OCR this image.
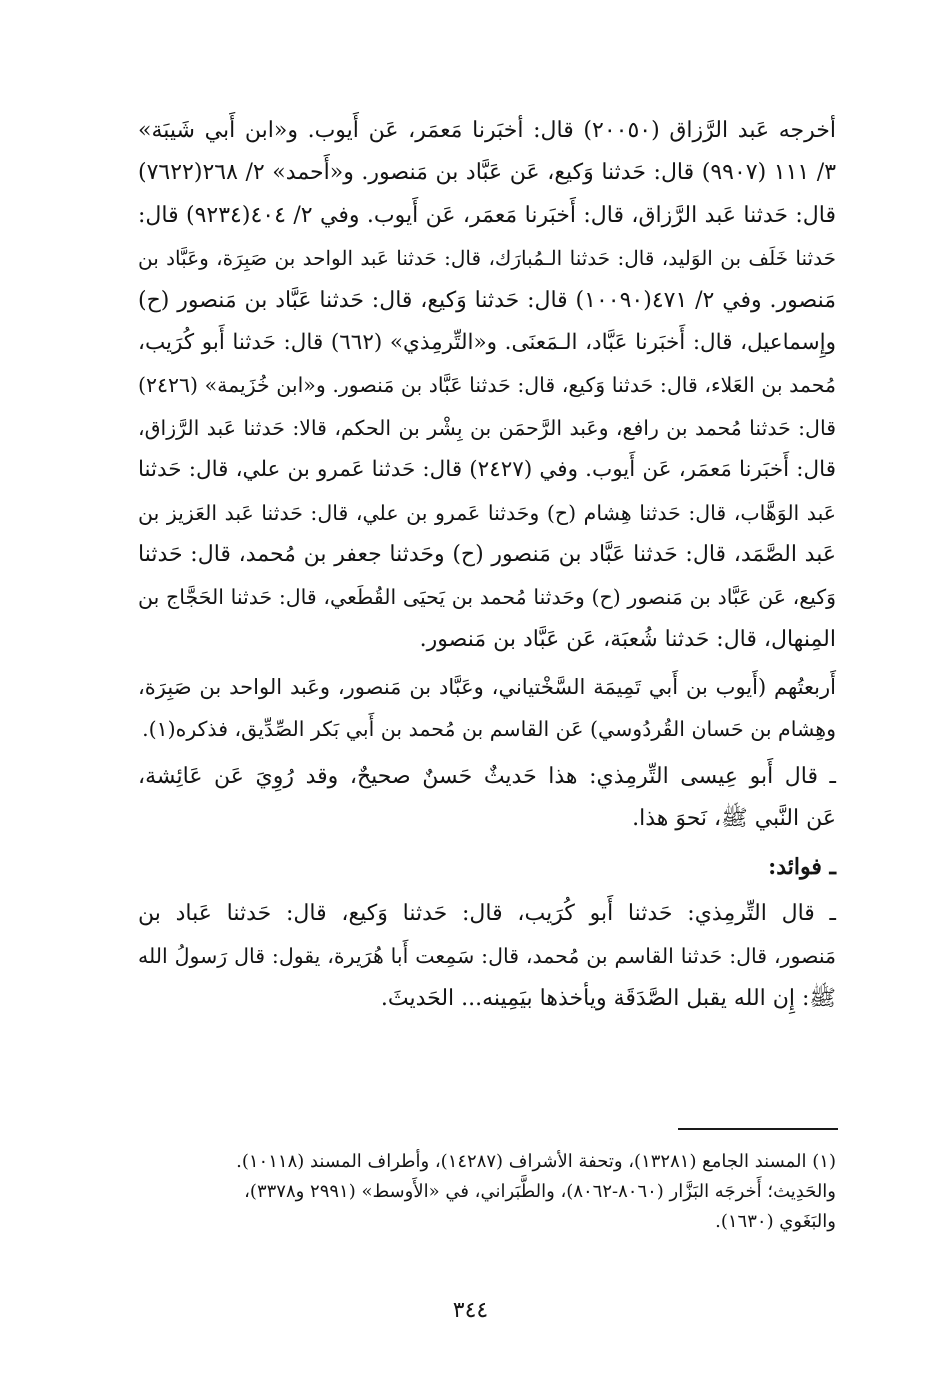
أخرجه عَبد الرَّزاق (٢٠٠٥٠) قال: أخبَرنا مَعمَر، عَن أَيوب. و«ابن أَبي شَيبَة»
٣/ ١١١ (٩٩٠٧) قال: حَدثنا وَكيع، عَن عَبَّاد بن مَنصور. و«أَحمد» ٢/ ٢٦٨(٧٦٢٢)
قال: حَدثنا عَبد الرَّزاق، قال: أَخبَرنا مَعمَر، عَن أَيوب. وفي ٢/ ٤٠٤(٩٢٣٤) قال:
حَدثنا خَلَف بن الوَليد، قال: حَدثنا الـمُبارَك، قال: حَدثنا عَبد الواحد بن صَبِرَة، وعَبَّاد بن
مَنصور. وفي ٢/ ٤٧١(١٠٠٩٠) قال: حَدثنا وَكيع، قال: حَدثنا عَبَّاد بن مَنصور (ح)
وإِسماعيل، قال: أَخبَرنا عَبَّاد، الـمَعنَى. و«التِّرمِذي» (٦٦٢) قال: حَدثنا أَبو كُرَيب،
مُحمد بن العَلاء، قال: حَدثنا وَكيع، قال: حَدثنا عَبَّاد بن مَنصور. و«ابن خُزَيمة» (٢٤٢٦)
قال: حَدثنا مُحمد بن رافع، وعَبد الرَّحمَن بن بِشْر بن الحكم، قالا: حَدثنا عَبد الرَّزاق،
قال: أَخبَرنا مَعمَر، عَن أَيوب. وفي (٢٤٢٧) قال: حَدثنا عَمرو بن علي، قال: حَدثنا
عَبد الوَهَّاب، قال: حَدثنا هِشام (ح) وحَدثنا عَمرو بن علي، قال: حَدثنا عَبد العَزيز بن
عَبد الصَّمَد، قال: حَدثنا عَبَّاد بن مَنصور (ح) وحَدثنا جعفر بن مُحمد، قال: حَدثنا
وَكيع، عَن عَبَّاد بن مَنصور (ح) وحَدثنا مُحمد بن يَحيَى القُطَعي، قال: حَدثنا الحَجَّاج بن
المِنهال، قال: حَدثنا شُعبَة، عَن عَبَّاد بن مَنصور.
أَربعتُهم (أَيوب بن أَبي تَمِيمَة السَّخْتياني، وعَبَّاد بن مَنصور، وعَبد الواحد بن صَبِرَة،
وهِشام بن حَسان القُردُوسي) عَن القاسم بن مُحمد بن أَبي بَكر الصِّدِّيق، فذكره(١).
ـ قال أَبو عِيسى التِّرمِذي: هذا حَديثٌ حَسنٌ صحيحٌ، وقد رُوِيَ عَن عَائِشة،
عَن النَّبي ﷺ، نَحوَ هذا.
ـ فوائد:
ـ قال التِّرمِذي: حَدثنا أَبو كُرَيب، قال: حَدثنا وَكيع، قال: حَدثنا عَباد بن
مَنصور، قال: حَدثنا القاسم بن مُحمد، قال: سَمِعت أَبا هُرَيرة، يقول: قال رَسولُ الله
ﷺ: إِن الله يقبل الصَّدَقَة ويأخذها بيَمِينه... الحَديثَ.
(١) المسند الجامع (١٣٢٨١)، وتحفة الأشراف (١٤٢٨٧)، وأطراف المسند (١٠١١٨).
والحَدِيث؛ أَخرجَه البَزَّار (٨٠٦٠-٨٠٦٢)، والطَّبَراني، في «الأَوسط» (٢٩٩١ و٣٣٧٨)،
والبَغَوي (١٦٣٠).
٣٤٤
